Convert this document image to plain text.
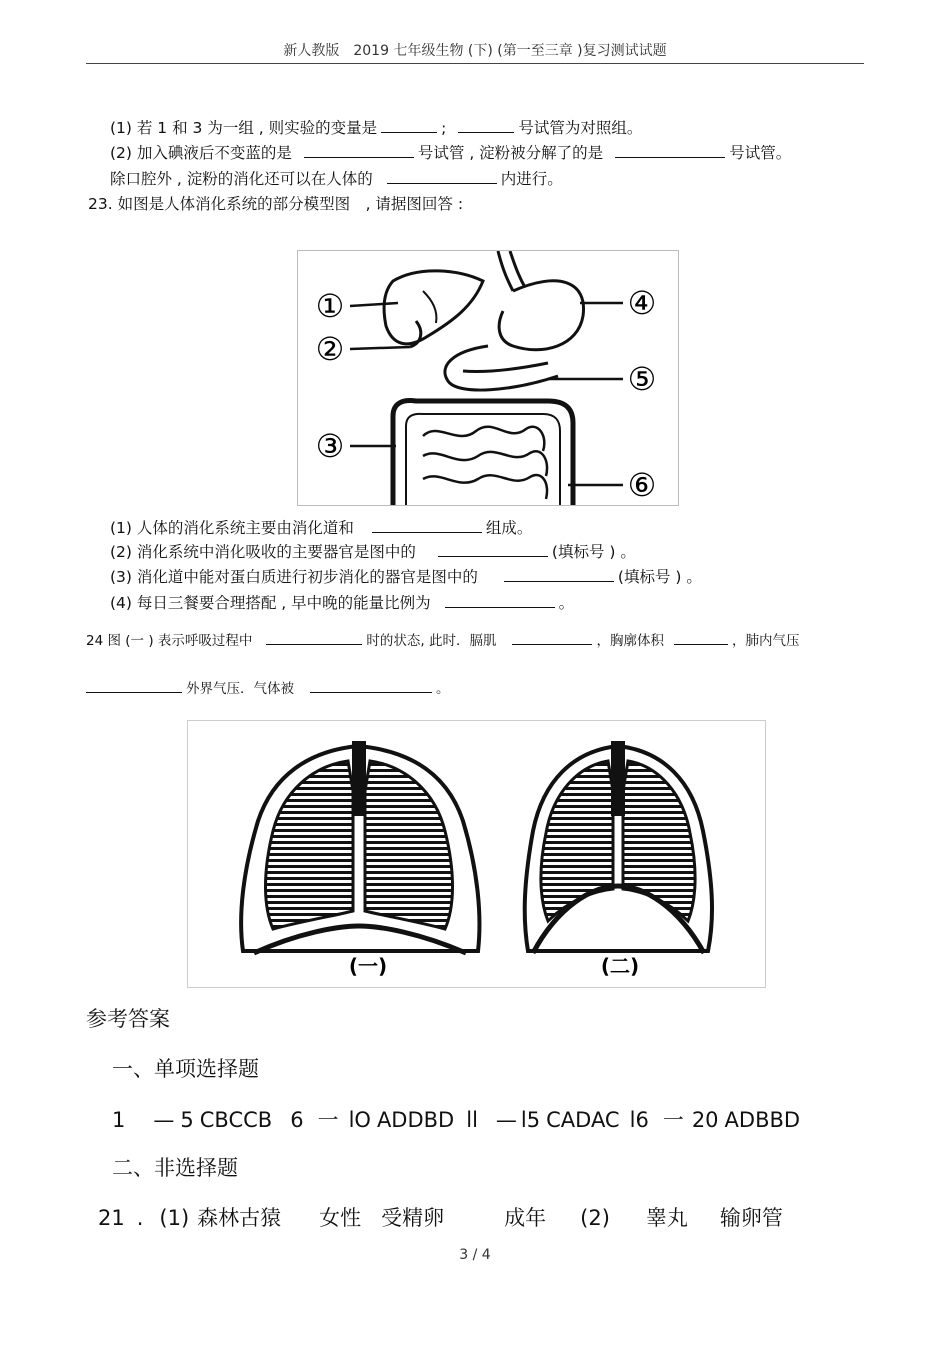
新人教版　2019 七年级生物 (下) (第一至三章 )复习测试试题
(1) 若 1 和 3 为一组 , 则实验的变量是	;	号试管为对照组。
(2) 加入碘液后不变蓝的是	号试管 , 淀粉被分解了的是	号试管。
除口腔外 , 淀粉的消化还可以在人体的	内进行。
23. 如图是人体消化系统的部分模型图　, 请据图回答 :
①
②
③
④
⑤
⑥
(1) 人体的消化系统主要由消化道和	组成。
(2) 消化系统中消化吸收的主要器官是图中的	(填标号 ) 。
(3) 消化道中能对蛋白质进行初步消化的器官是图中的	(填标号 ) 。
(4) 每日三餐要合理搭配 , 早中晚的能量比例为	。
24 图 (一 ) 表示呼吸过程中	时的状态, 此时．膈肌	，胸廓体积	，肺内气压
外界气压．气体被	。
(一)	(二)
参考答案
一、单项选择题
1 — 5 CBCCB 6 一 lO ADDBD ll — l5 CADAC l6 一 20 ADBBD
二、非选择题
21 . (1) 森林古猿 女性 受精卵	成年 (2) 睾丸 输卵管
3 / 4
